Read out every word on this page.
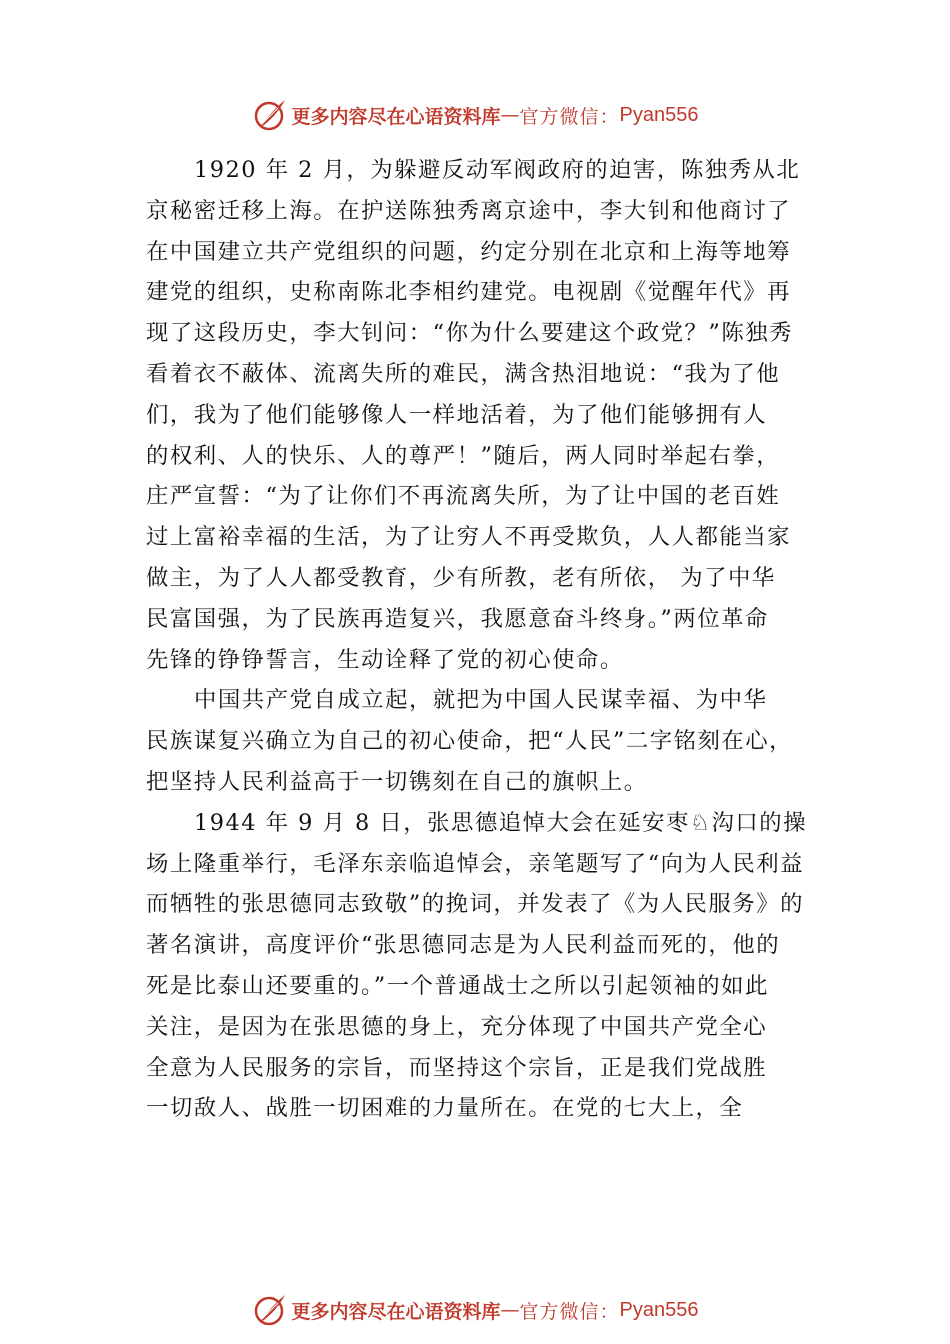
更多内容尽在心语资料库 — 官方微信： Pyan556

1920 年 2 月，为躲避反动军阀政府的迫害，陈独秀从北
京秘密迁移上海。在护送陈独秀离京途中，李大钊和他商讨了
在中国建立共产党组织的问题，约定分别在北京和上海等地筹
建党的组织，史称南陈北李相约建党。电视剧《觉醒年代》再
现了这段历史，李大钊问：“你为什么要建这个政党？”陈独秀
看着衣不蔽体、流离失所的难民，满含热泪地说：“我为了他
们，我为了他们能够像人一样地活着，为了他们能够拥有人
的权利、人的快乐、人的尊严！”随后，两人同时举起右拳，
庄严宣誓：“为了让你们不再流离失所，为了让中国的老百姓
过上富裕幸福的生活，为了让穷人不再受欺负，人人都能当家
做主，为了人人都受教育，少有所教，老有所依， 为了中华
民富国强，为了民族再造复兴，我愿意奋斗终身。”两位革命
先锋的铮铮誓言，生动诠释了党的初心使命。

中国共产党自成立起，就把为中国人民谋幸福、为中华
民族谋复兴确立为自己的初心使命，把“人民”二字铭刻在心，
把坚持人民利益高于一切镌刻在自己的旗帜上。

1944 年 9 月 8 日，张思德追悼大会在延安枣♘沟口的操
场上隆重举行，毛泽东亲临追悼会，亲笔题写了“向为人民利益
而牺牲的张思德同志致敬”的挽词，并发表了《为人民服务》的
著名演讲，高度评价“张思德同志是为人民利益而死的，他的
死是比泰山还要重的。”一个普通战士之所以引起领袖的如此
关注，是因为在张思德的身上，充分体现了中国共产党全心
全意为人民服务的宗旨，而坚持这个宗旨，正是我们党战胜
一切敌人、战胜一切困难的力量所在。在党的七大上，全

更多内容尽在心语资料库 — 官方微信： Pyan556
